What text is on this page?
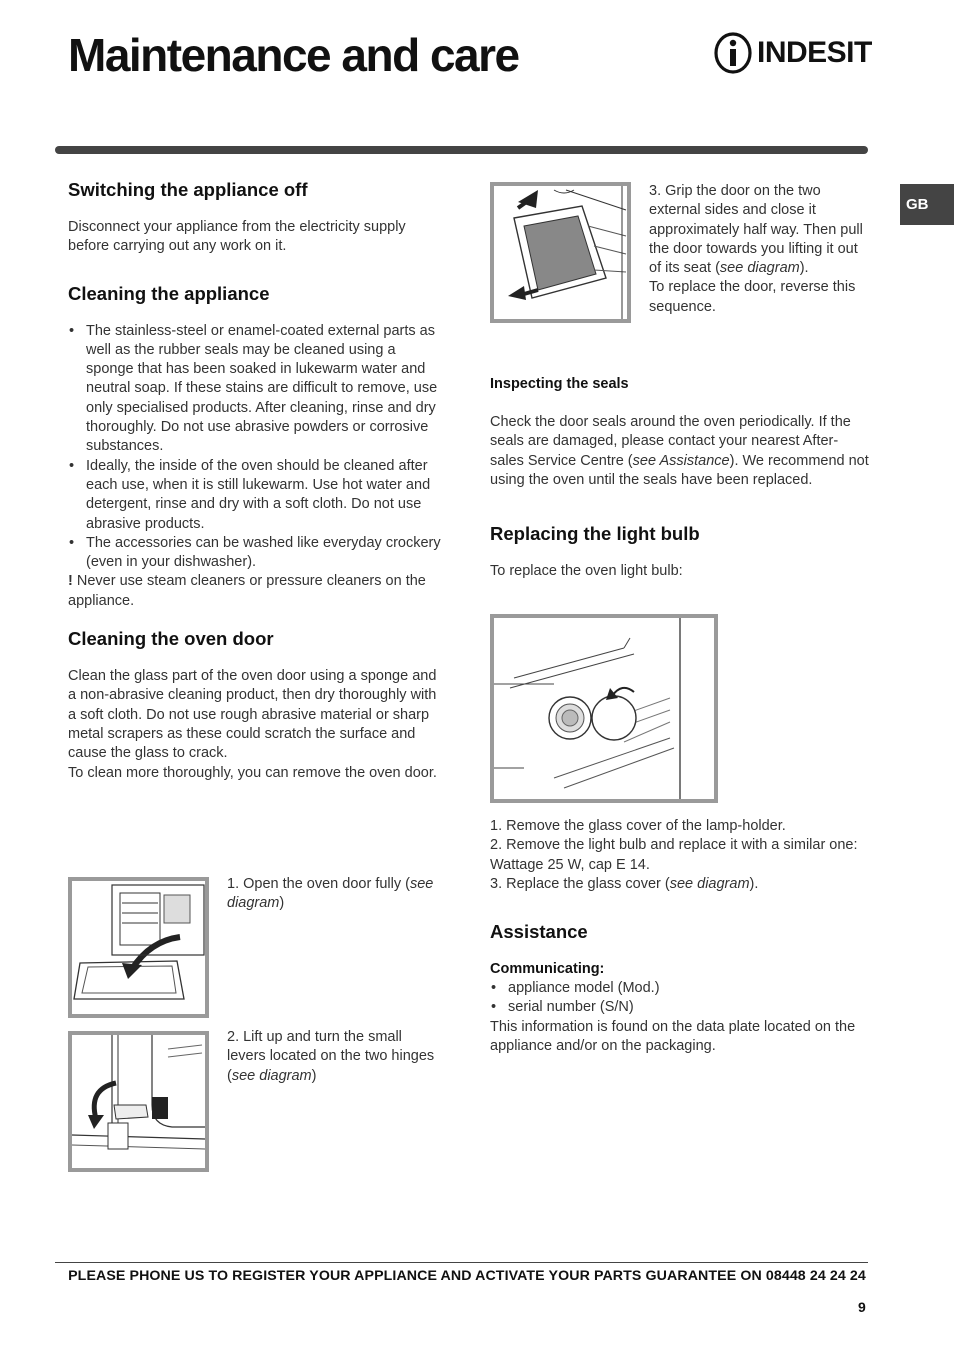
Maintenance and care	INDESIT
GB
Switching the appliance off

Disconnect your appliance from the electricity supply before carrying out any work on it.

Cleaning the appliance
• The stainless-steel or enamel-coated external parts as well as the rubber seals may be cleaned using a sponge that has been soaked in lukewarm water and neutral soap. If these stains are difficult to remove, use only specialised products. After cleaning, rinse and dry thoroughly. Do not use abrasive powders or corrosive substances.
• Ideally, the inside of the oven should be cleaned after each use, when it is still lukewarm. Use hot water and detergent, rinse and dry with a soft cloth. Do not use abrasive products.
• The accessories can be washed like everyday crockery (even in your dishwasher).

! Never use steam cleaners or pressure cleaners on the appliance.

Cleaning the oven door

Clean the glass part of the oven door using a sponge and a non-abrasive cleaning product, then dry thoroughly with a soft cloth. Do not use rough abrasive material or sharp metal scrapers as these could scratch the surface and cause the glass to crack.

To clean more thoroughly, you can remove the oven door.

1. Open the oven door fully (see diagram)
2. Lift up and turn the small levers located on the two hinges (see diagram)
3. Grip the door on the two external sides and close it approximately half way. Then pull the door towards you lifting it out of its seat (see diagram).
To replace the door, reverse this sequence.
Inspecting the seals

Check the door seals around the oven periodically. If the seals are damaged, please contact your nearest After-sales Service Centre (see Assistance). We recommend not using the oven until the seals have been replaced.

Replacing the light bulb

To replace the oven light bulb:

1. Remove the glass cover of the lamp-holder.

2. Remove the light bulb and replace it with a similar one: Wattage 25 W, cap E 14.

3. Replace the glass cover (see diagram).

Assistance
Communicating:
• appliance model (Mod.)
• serial number (S/N)

This information is found on the data plate located on the appliance and/or on the packaging.

PLEASE PHONE US TO REGISTER YOUR APPLIANCE AND ACTIVATE YOUR PARTS GUARANTEE ON 08448 24 24 24
9
